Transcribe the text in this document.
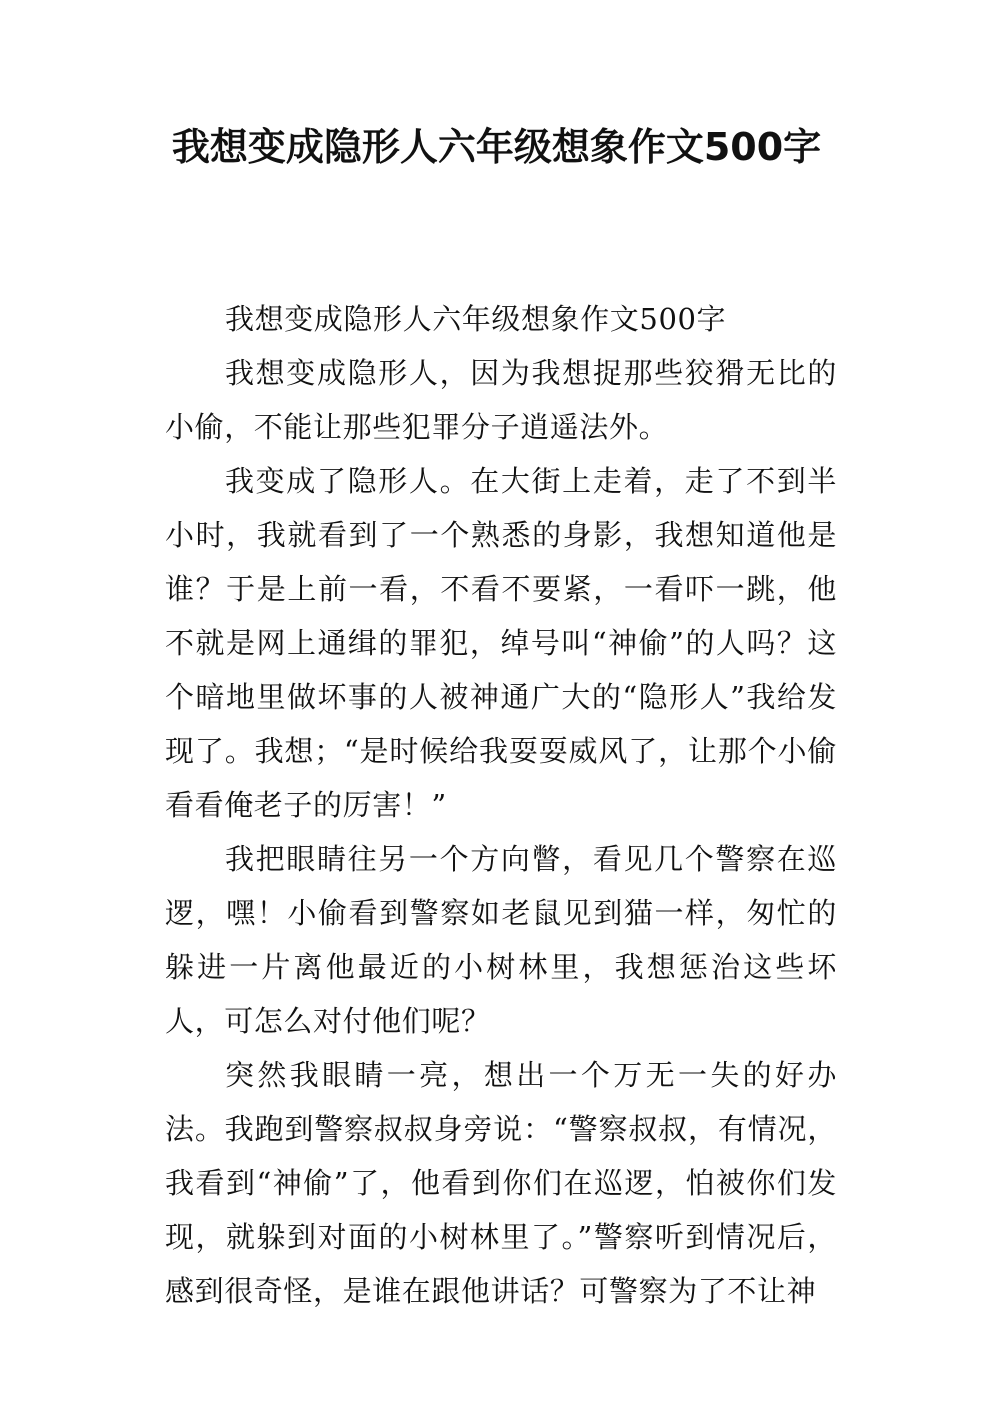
我想变成隐形人六年级想象作文500字

我想变成隐形人六年级想象作文500字

我想变成隐形人，因为我想捉那些狡猾无比的小偷，不能让那些犯罪分子逍遥法外。

我变成了隐形人。在大街上走着，走了不到半小时，我就看到了一个熟悉的身影，我想知道他是谁？于是上前一看，不看不要紧，一看吓一跳，他不就是网上通缉的罪犯，绰号叫“神偷”的人吗？这个暗地里做坏事的人被神通广大的“隐形人”我给发现了。我想；“是时候给我耍耍威风了，让那个小偷看看俺老子的厉害！”

我把眼睛往另一个方向瞥，看见几个警察在巡逻，嘿！小偷看到警察如老鼠见到猫一样，匆忙的躲进一片离他最近的小树林里，我想惩治这些坏人，可怎么对付他们呢？

突然我眼睛一亮，想出一个万无一失的好办法。我跑到警察叔叔身旁说：“警察叔叔，有情况，我看到“神偷”了，他看到你们在巡逻，怕被你们发现，就躲到对面的小树林里了。”警察听到情况后，感到很奇怪，是谁在跟他讲话？可警察为了不让神
